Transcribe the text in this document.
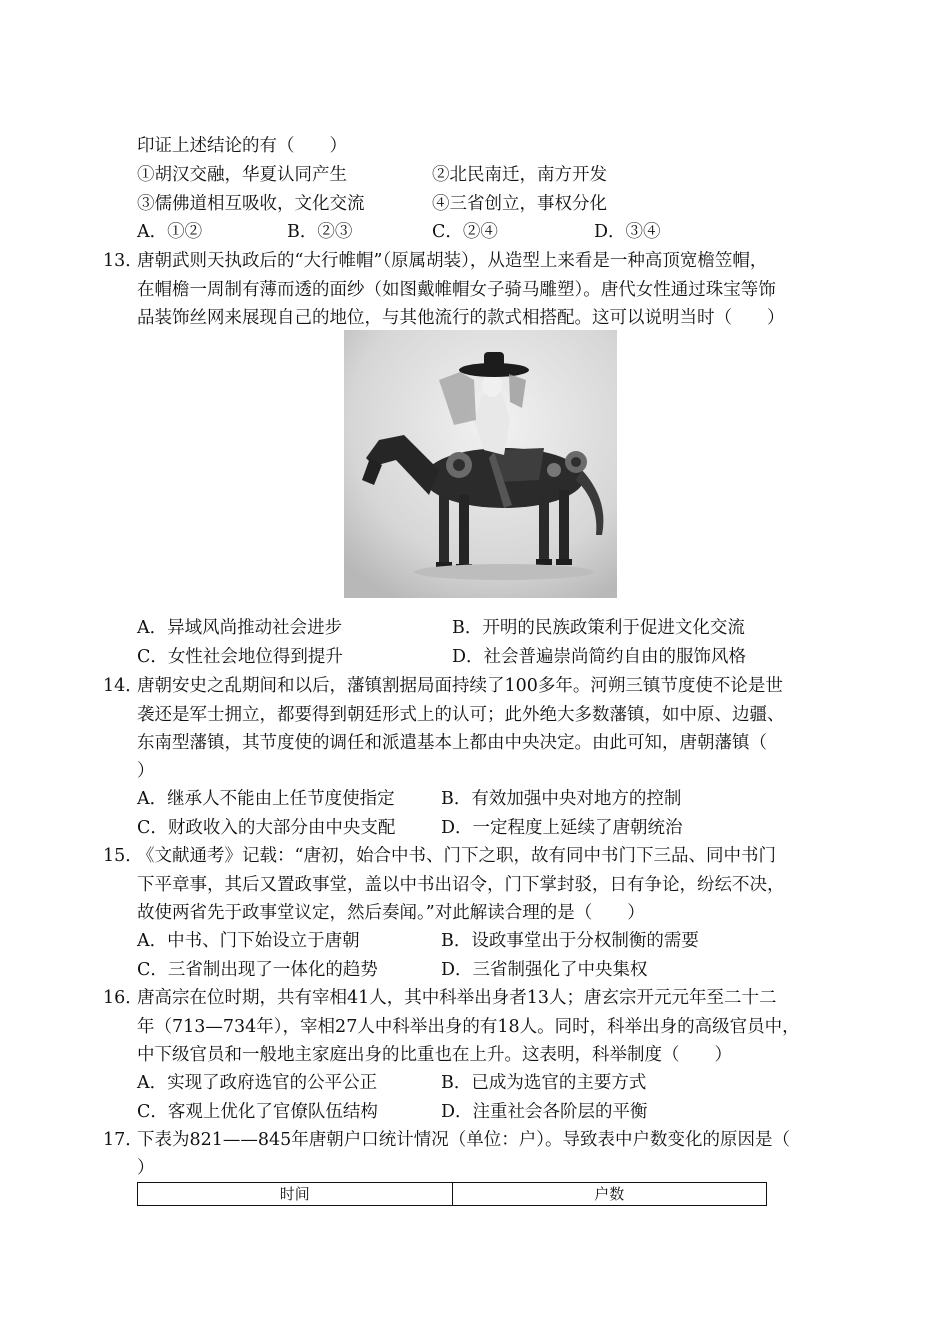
印证上述结论的有（　　）
①胡汉交融，华夏认同产生	②北民南迁，南方开发
③儒佛道相互吸收，文化交流	④三省创立，事权分化
A．①②	B．②③	C．②④	D．③④
13．
唐朝武则天执政后的“大行帷帽”（原属胡装），从造型上来看是一种高顶宽檐笠帽，
在帽檐一周制有薄而透的面纱（如图戴帷帽女子骑马雕塑）。唐代女性通过珠宝等饰
品装饰丝网来展现自己的地位，与其他流行的款式相搭配。这可以说明当时（　　）
A．异域风尚推动社会进步	B．开明的民族政策利于促进文化交流
C．女性社会地位得到提升	D．社会普遍崇尚简约自由的服饰风格
14．
唐朝安史之乱期间和以后，藩镇割据局面持续了100多年。河朔三镇节度使不论是世
袭还是军士拥立，都要得到朝廷形式上的认可；此外绝大多数藩镇，如中原、边疆、
东南型藩镇，其节度使的调任和派遣基本上都由中央决定。由此可知，唐朝藩镇（
）
A．继承人不能由上任节度使指定	B．有效加强中央对地方的控制
C．财政收入的大部分由中央支配	D．一定程度上延续了唐朝统治
15．
《文献通考》记载：“唐初，始合中书、门下之职，故有同中书门下三品、同中书门
下平章事，其后又置政事堂，盖以中书出诏令，门下掌封驳，日有争论，纷纭不决，
故使两省先于政事堂议定，然后奏闻。”对此解读合理的是（　　）
A．中书、门下始设立于唐朝	B．设政事堂出于分权制衡的需要
C．三省制出现了一体化的趋势	D．三省制强化了中央集权
16．
唐高宗在位时期，共有宰相41人，其中科举出身者13人；唐玄宗开元元年至二十二
年（713—734年），宰相27人中科举出身的有18人。同时，科举出身的高级官员中，
中下级官员和一般地主家庭出身的比重也在上升。这表明，科举制度（　　）
A．实现了政府选官的公平公正	B．已成为选官的主要方式
C．客观上优化了官僚队伍结构	D．注重社会各阶层的平衡
17．
下表为821——845年唐朝户口统计情况（单位：户）。导致表中户数变化的原因是（
）
时间	户数
